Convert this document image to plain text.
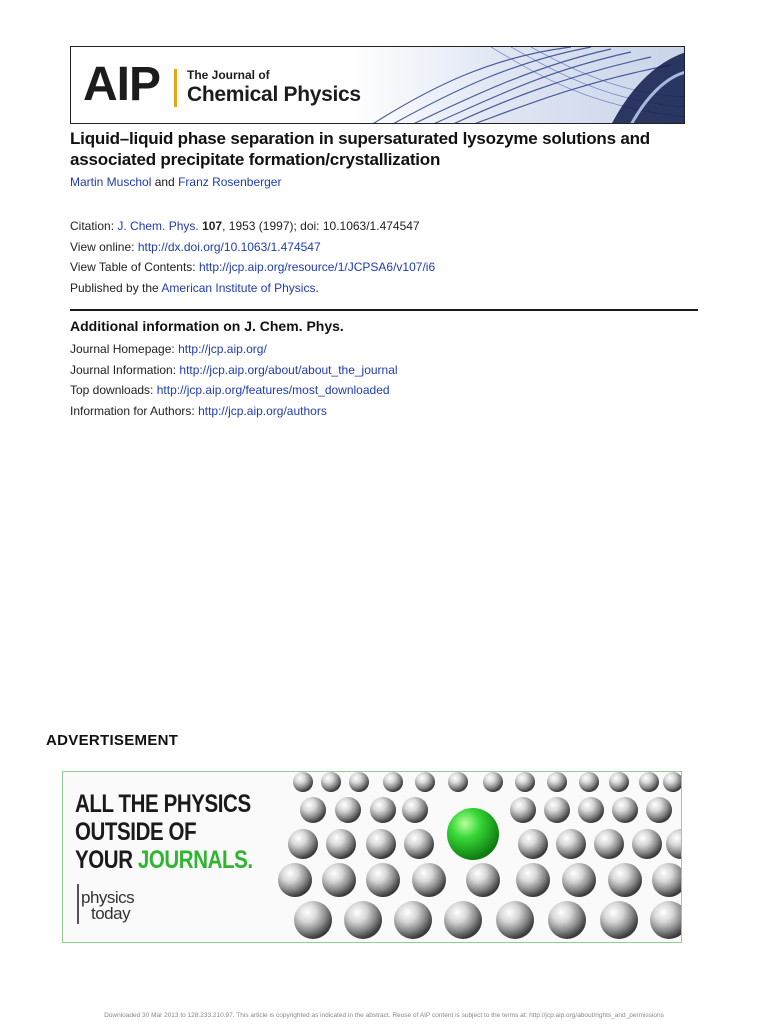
AIP The Journal of
Chemical Physics
Liquid–liquid phase separation in supersaturated lysozyme solutions and associated precipitate formation/crystallization
Martin Muschol and Franz Rosenberger
Citation: J. Chem. Phys. 107, 1953 (1997); doi: 10.1063/1.474547
View online: http://dx.doi.org/10.1063/1.474547
View Table of Contents: http://jcp.aip.org/resource/1/JCPSA6/v107/i6
Published by the American Institute of Physics.
Additional information on J. Chem. Phys.
Journal Homepage: http://jcp.aip.org/
Journal Information: http://jcp.aip.org/about/about_the_journal
Top downloads: http://jcp.aip.org/features/most_downloaded
Information for Authors: http://jcp.aip.org/authors
ADVERTISEMENT
ALL THE PHYSICS
OUTSIDE OF
YOUR JOURNALS.
physics
today
Downloaded 30 Mar 2013 to 128.233.210.97. This article is copyrighted as indicated in the abstract. Reuse of AIP content is subject to the terms at: http://jcp.aip.org/about/rights_and_permissions
